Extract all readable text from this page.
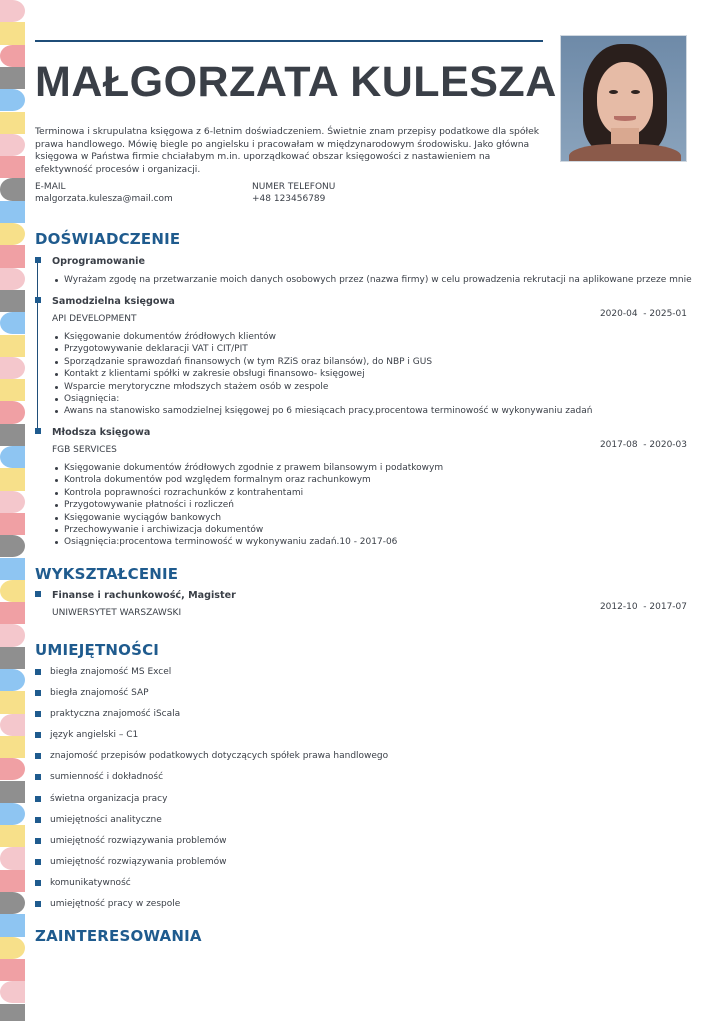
MAŁGORZATA KULESZA

Terminowa i skrupulatna księgowa z 6-letnim doświadczeniem. Świetnie znam przepisy podatkowe dla spółek prawa handlowego. Mówię biegle po angielsku i pracowałam w międzynarodowym środowisku. Jako główna księgowa w Państwa firmie chciałabym m.in. uporządkować obszar księgowości z nastawieniem na efektywność procesów i organizacji.

E-MAIL
malgorzata.kulesza@mail.com
NUMER TELEFONU
+48 123456789
DOŚWIADCZENIE
Oprogramowanie
Wyrażam zgodę na przetwarzanie moich danych osobowych przez (nazwa firmy) w celu prowadzenia rekrutacji na aplikowane przeze mnie
Samodzielna księgowa
API DEVELOPMENT	2020-04  - 2025-01
Księgowanie dokumentów źródłowych klientów
Przygotowywanie deklaracji VAT i CIT/PIT
Sporządzanie sprawozdań finansowych (w tym RZiS oraz bilansów), do NBP i GUS
Kontakt z klientami spółki w zakresie obsługi finansowo- księgowej
Wsparcie merytoryczne młodszych stażem osób w zespole
Osiągnięcia:
Awans na stanowisko samodzielnej księgowej po 6 miesiącach pracy.procentowa terminowość w wykonywaniu zadań
Młodsza księgowa
FGB SERVICES	2017-08  - 2020-03
Księgowanie dokumentów źródłowych zgodnie z prawem bilansowym i podatkowym
Kontrola dokumentów pod względem formalnym oraz rachunkowym
Kontrola poprawności rozrachunków z kontrahentami
Przygotowywanie płatności i rozliczeń
Księgowanie wyciągów bankowych
Przechowywanie i archiwizacja dokumentów
Osiągnięcia:procentowa terminowość w wykonywaniu zadań.10 - 2017-06
WYKSZTAŁCENIE
Finanse i rachunkowość, Magister
UNIWERSYTET WARSZAWSKI
2012-10  - 2017-07
UMIEJĘTNOŚCI
biegła znajomość MS Excel
biegła znajomość SAP
praktyczna znajomość iScala
język angielski – C1
znajomość przepisów podatkowych dotyczących spółek prawa handlowego
sumienność i dokładność
świetna organizacja pracy
umiejętności analityczne
umiejętność rozwiązywania problemów
umiejętność rozwiązywania problemów
komunikatywność
umiejętność pracy w zespole
ZAINTERESOWANIA
